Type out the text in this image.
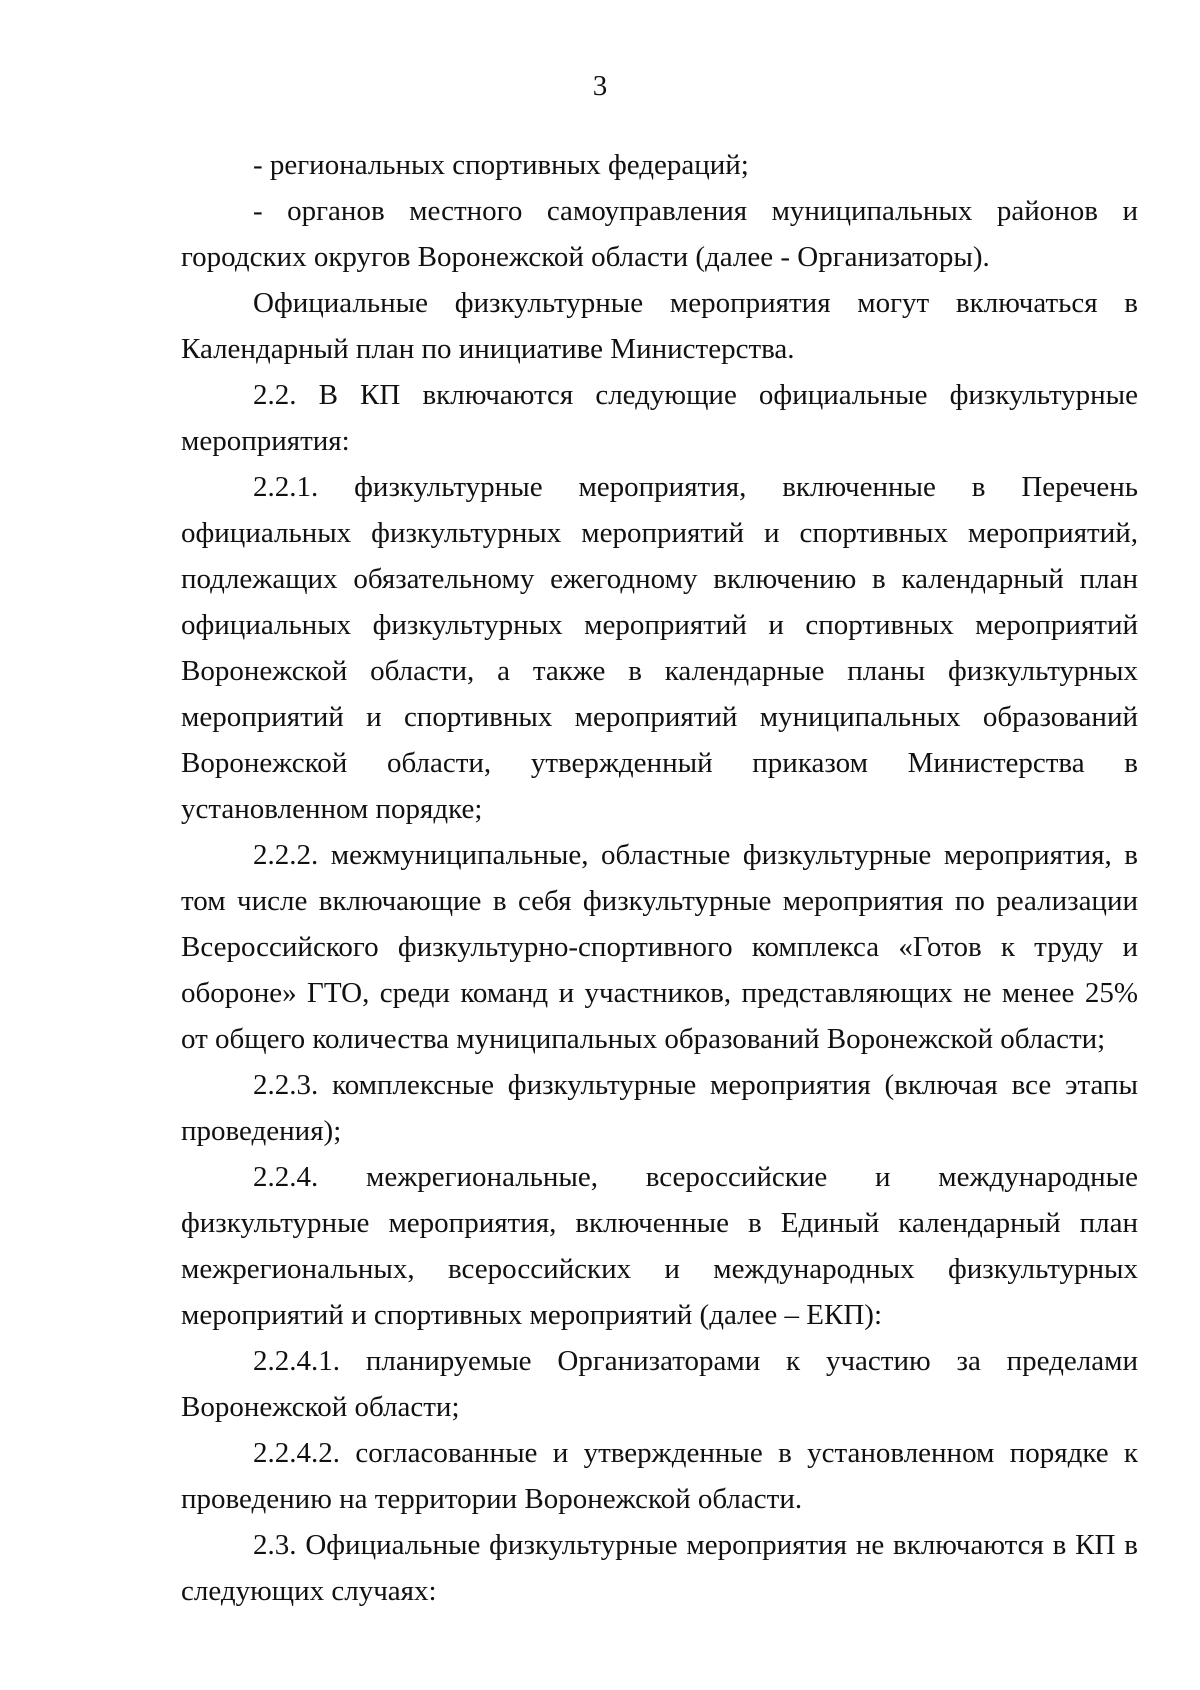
3

- региональных спортивных федераций;

- органов местного самоуправления муниципальных районов и городских округов Воронежской области (далее - Организаторы).

Официальные физкультурные мероприятия могут включаться в Календарный план по инициативе Министерства.

2.2. В КП включаются следующие официальные физкультурные мероприятия:

2.2.1. физкультурные мероприятия, включенные в Перечень официальных физкультурных мероприятий и спортивных мероприятий, подлежащих обязательному ежегодному включению в календарный план официальных физкультурных мероприятий и спортивных мероприятий Воронежской области, а также в календарные планы физкультурных мероприятий и спортивных мероприятий муниципальных образований Воронежской области, утвержденный приказом Министерства в установленном порядке;

2.2.2. межмуниципальные, областные физкультурные мероприятия, в том числе включающие в себя физкультурные мероприятия по реализации Всероссийского физкультурно-спортивного комплекса «Готов к труду и обороне» ГТО, среди команд и участников, представляющих не менее 25% от общего количества муниципальных образований Воронежской области;

2.2.3. комплексные физкультурные мероприятия (включая все этапы проведения);

2.2.4. межрегиональные, всероссийские и международные физкультурные мероприятия, включенные в Единый календарный план межрегиональных, всероссийских и международных физкультурных мероприятий и спортивных мероприятий (далее – ЕКП):

2.2.4.1. планируемые Организаторами к участию за пределами Воронежской области;

2.2.4.2. согласованные и утвержденные в установленном порядке к проведению на территории Воронежской области.

2.3. Официальные физкультурные мероприятия не включаются в КП в следующих случаях:
